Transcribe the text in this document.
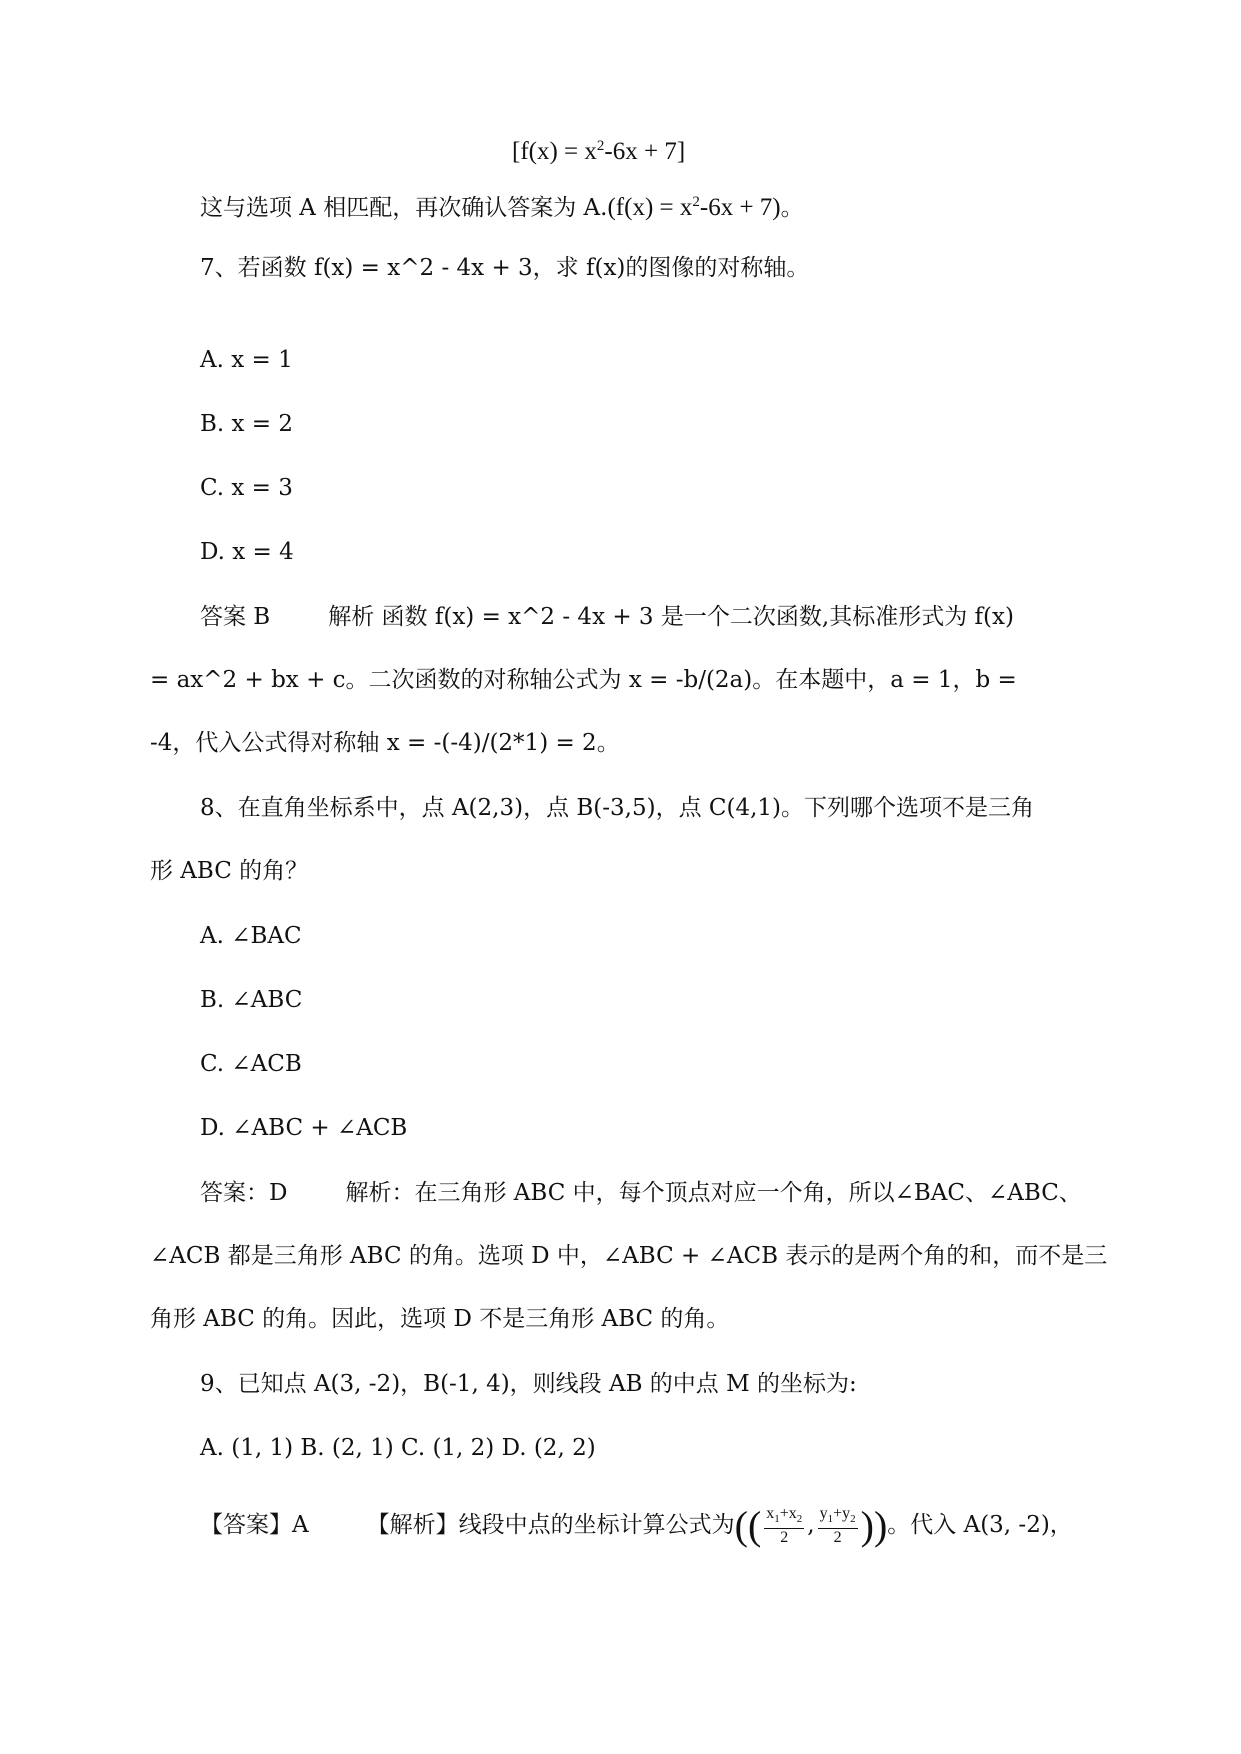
$[f(x) = x^2-6x + 7]$
这与选项 A 相匹配，再次确认答案为 $A.(f(x) = x^2-6x + 7)$。
7、若函数 f(x) = x^2 - 4x + 3，求 f(x)的图像的对称轴。
A. x = 1
B. x = 2
C. x = 3
D. x = 4
答案 B	解析 函数 f(x) = x^2 - 4x + 3 是一个二次函数,其标准形式为 f(x)
= ax^2 + bx + c。二次函数的对称轴公式为 x = -b/(2a)。在本题中，a = 1，b =
-4，代入公式得对称轴 x = -(-4)/(2*1) = 2。
8、在直角坐标系中，点 A(2,3)，点 B(-3,5)，点 C(4,1)。下列哪个选项不是三角
形 ABC 的角？
A. ∠BAC
B. ∠ABC
C. ∠ACB
D. ∠ABC + ∠ACB
答案：D	解析：在三角形 ABC 中，每个顶点对应一个角，所以∠BAC、∠ABC、
∠ACB 都是三角形 ABC 的角。选项 D 中，∠ABC + ∠ACB 表示的是两个角的和，而不是三
角形 ABC 的角。因此，选项 D 不是三角形 ABC 的角。
9、已知点 A(3, -2)，B(-1, 4)，则线段 AB 的中点 M 的坐标为:
A. (1, 1) B. (2, 1) C. (1, 2) D. (2, 2)
【答案】A	【解析】线段中点的坐标计算公式为(( $\frac{x_1+x_2}{2}$ , $\frac{y_1+y_2}{2}$ ))。代入 A(3, -2)，
